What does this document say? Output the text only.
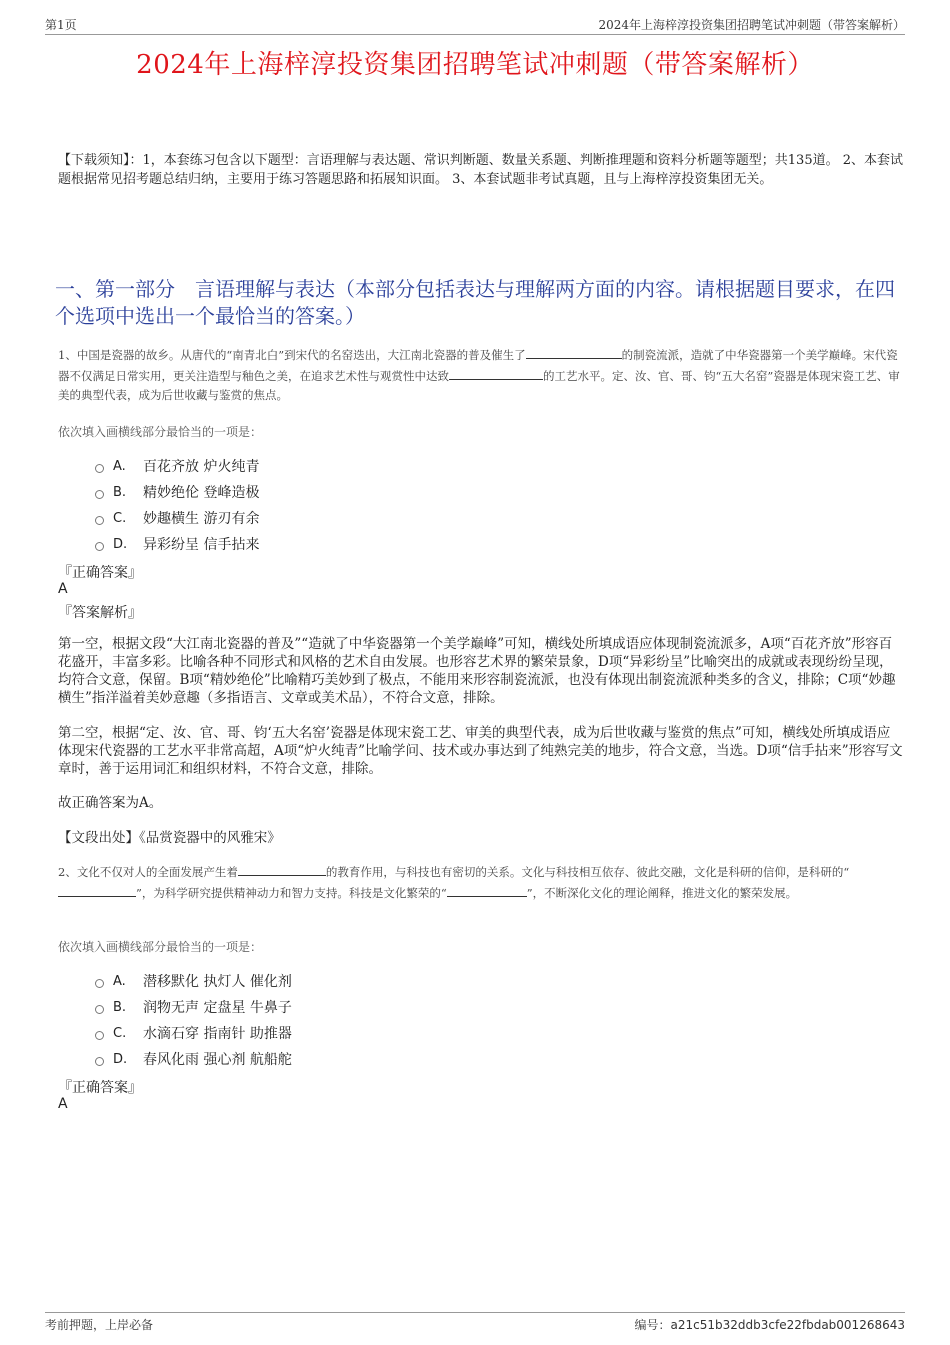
第1页	2024年上海梓淳投资集团招聘笔试冲刺题（带答案解析）
2024年上海梓淳投资集团招聘笔试冲刺题（带答案解析）
【下载须知】：1，本套练习包含以下题型：言语理解与表达题、常识判断题、数量关系题、判断推理题和资料分析题等题型；共135道。 2、本套试题根据常见招考题总结归纳，主要用于练习答题思路和拓展知识面。 3、本套试题非考试真题，且与上海梓淳投资集团无关。
一、第一部分　言语理解与表达（本部分包括表达与理解两方面的内容。请根据题目要求，在四个选项中选出一个最恰当的答案。）
1、中国是瓷器的故乡。从唐代的“南青北白”到宋代的名窑迭出，大江南北瓷器的普及催生了	的制瓷流派，造就了中华瓷器第一个美学巅峰。宋代瓷器不仅满足日常实用，更关注造型与釉色之美，在追求艺术性与观赏性中达致	的工艺水平。定、汝、官、哥、钧“五大名窑”瓷器是体现宋瓷工艺、审美的典型代表，成为后世收藏与鉴赏的焦点。
依次填入画横线部分最恰当的一项是：
A.	百花齐放 炉火纯青
B.	精妙绝伦 登峰造极
C.	妙趣横生 游刃有余
D.	异彩纷呈 信手拈来
『正确答案』
A
『答案解析』
第一空，根据文段“大江南北瓷器的普及”“造就了中华瓷器第一个美学巅峰”可知，横线处所填成语应体现制瓷流派多，A项“百花齐放”形容百花盛开，丰富多彩。比喻各种不同形式和风格的艺术自由发展。也形容艺术界的繁荣景象，D项“异彩纷呈”比喻突出的成就或表现纷纷呈现，均符合文意，保留。B项“精妙绝伦”比喻精巧美妙到了极点，不能用来形容制瓷流派，也没有体现出制瓷流派种类多的含义，排除；C项“妙趣横生”指洋溢着美妙意趣（多指语言、文章或美术品），不符合文意，排除。
第二空，根据“定、汝、官、哥、钧‘五大名窑’瓷器是体现宋瓷工艺、审美的典型代表，成为后世收藏与鉴赏的焦点”可知，横线处所填成语应体现宋代瓷器的工艺水平非常高超，A项“炉火纯青”比喻学问、技术或办事达到了纯熟完美的地步，符合文意，当选。D项“信手拈来”形容写文章时，善于运用词汇和组织材料，不符合文意，排除。
故正确答案为A。
【文段出处】《品赏瓷器中的风雅宋》
2、文化不仅对人的全面发展产生着	的教育作用，与科技也有密切的关系。文化与科技相互依存、彼此交融，文化是科研的信仰，是科研的“”，为科学研究提供精神动力和智力支持。科技是文化繁荣的“	”，不断深化文化的理论阐释，推进文化的繁荣发展。
依次填入画横线部分最恰当的一项是：
A.	潜移默化 执灯人 催化剂
B.	润物无声 定盘星 牛鼻子
C.	水滴石穿 指南针 助推器
D.	春风化雨 强心剂 航船舵
『正确答案』
A
考前押题，上岸必备	编号：a21c51b32ddb3cfe22fbdab001268643
